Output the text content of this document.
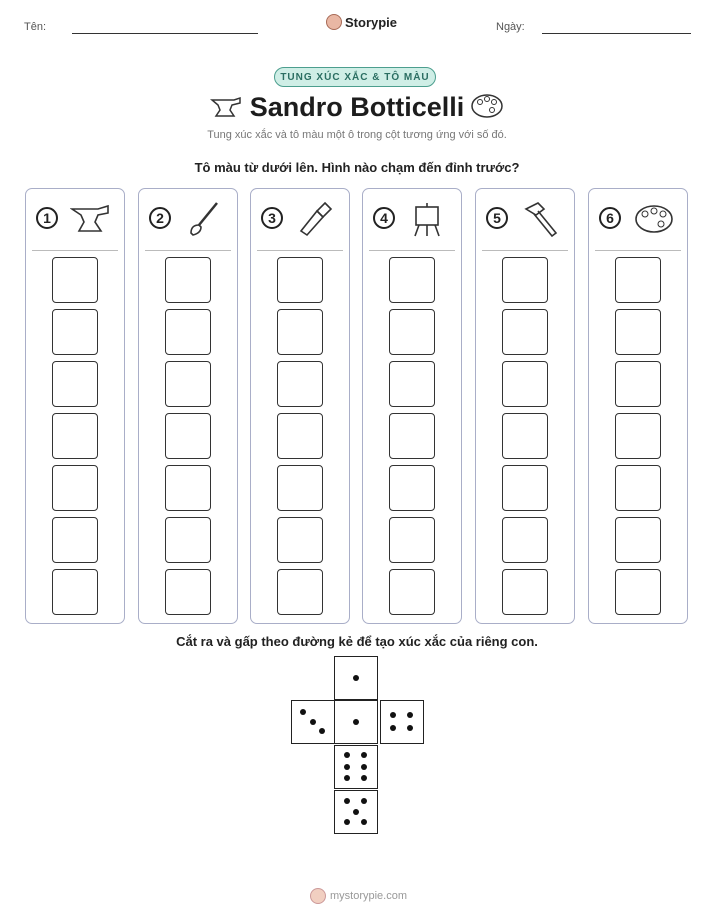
Tên:	Storypie	Ngày:
TUNG XÚC XẮC & TÔ MÀU
Sandro Botticelli
Tung xúc xắc và tô màu một ô trong cột tương ứng với số đó.
Tô màu từ dưới lên. Hình nào chạm đến đỉnh trước?
1	2	3	4	5	6
Cắt ra và gấp theo đường kẻ để tạo xúc xắc của riêng con.
mystorypie.com
